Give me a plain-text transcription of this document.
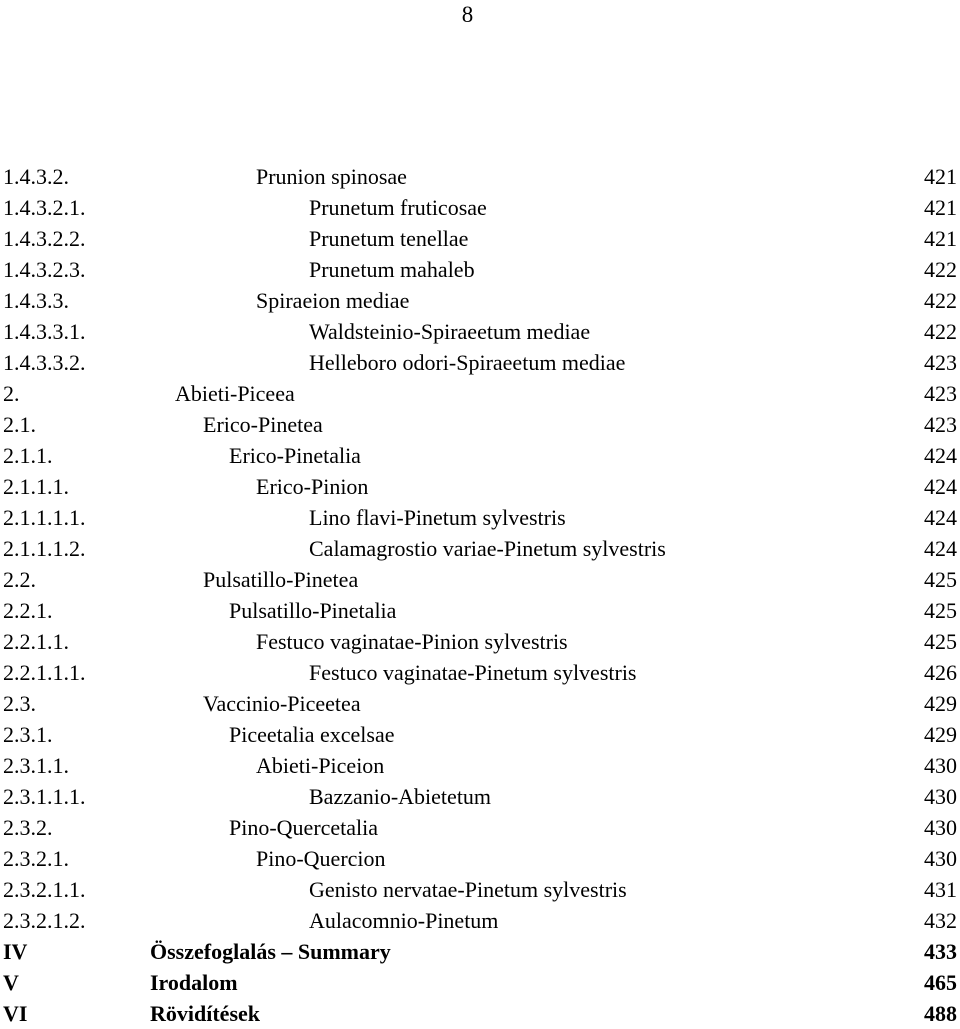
8
1.4.3.2.	Prunion spinosae	421
1.4.3.2.1.	Prunetum fruticosae	421
1.4.3.2.2.	Prunetum tenellae	421
1.4.3.2.3.	Prunetum mahaleb	422
1.4.3.3.	Spiraeion mediae	422
1.4.3.3.1.	Waldsteinio-Spiraeetum mediae	422
1.4.3.3.2.	Helleboro odori-Spiraeetum mediae	423
2.	Abieti-Piceea	423
2.1.	Erico-Pinetea	423
2.1.1.	Erico-Pinetalia	424
2.1.1.1.	Erico-Pinion	424
2.1.1.1.1.	Lino flavi-Pinetum sylvestris	424
2.1.1.1.2.	Calamagrostio variae-Pinetum sylvestris	424
2.2.	Pulsatillo-Pinetea	425
2.2.1.	Pulsatillo-Pinetalia	425
2.2.1.1.	Festuco vaginatae-Pinion sylvestris	425
2.2.1.1.1.	Festuco vaginatae-Pinetum sylvestris	426
2.3.	Vaccinio-Piceetea	429
2.3.1.	Piceetalia excelsae	429
2.3.1.1.	Abieti-Piceion	430
2.3.1.1.1.	Bazzanio-Abietetum	430
2.3.2.	Pino-Quercetalia	430
2.3.2.1.	Pino-Quercion	430
2.3.2.1.1.	Genisto nervatae-Pinetum sylvestris	431
2.3.2.1.2.	Aulacomnio-Pinetum	432
IV	Összefoglalás – Summary	433
V	Irodalom	465
VI	Rövidítések	488
